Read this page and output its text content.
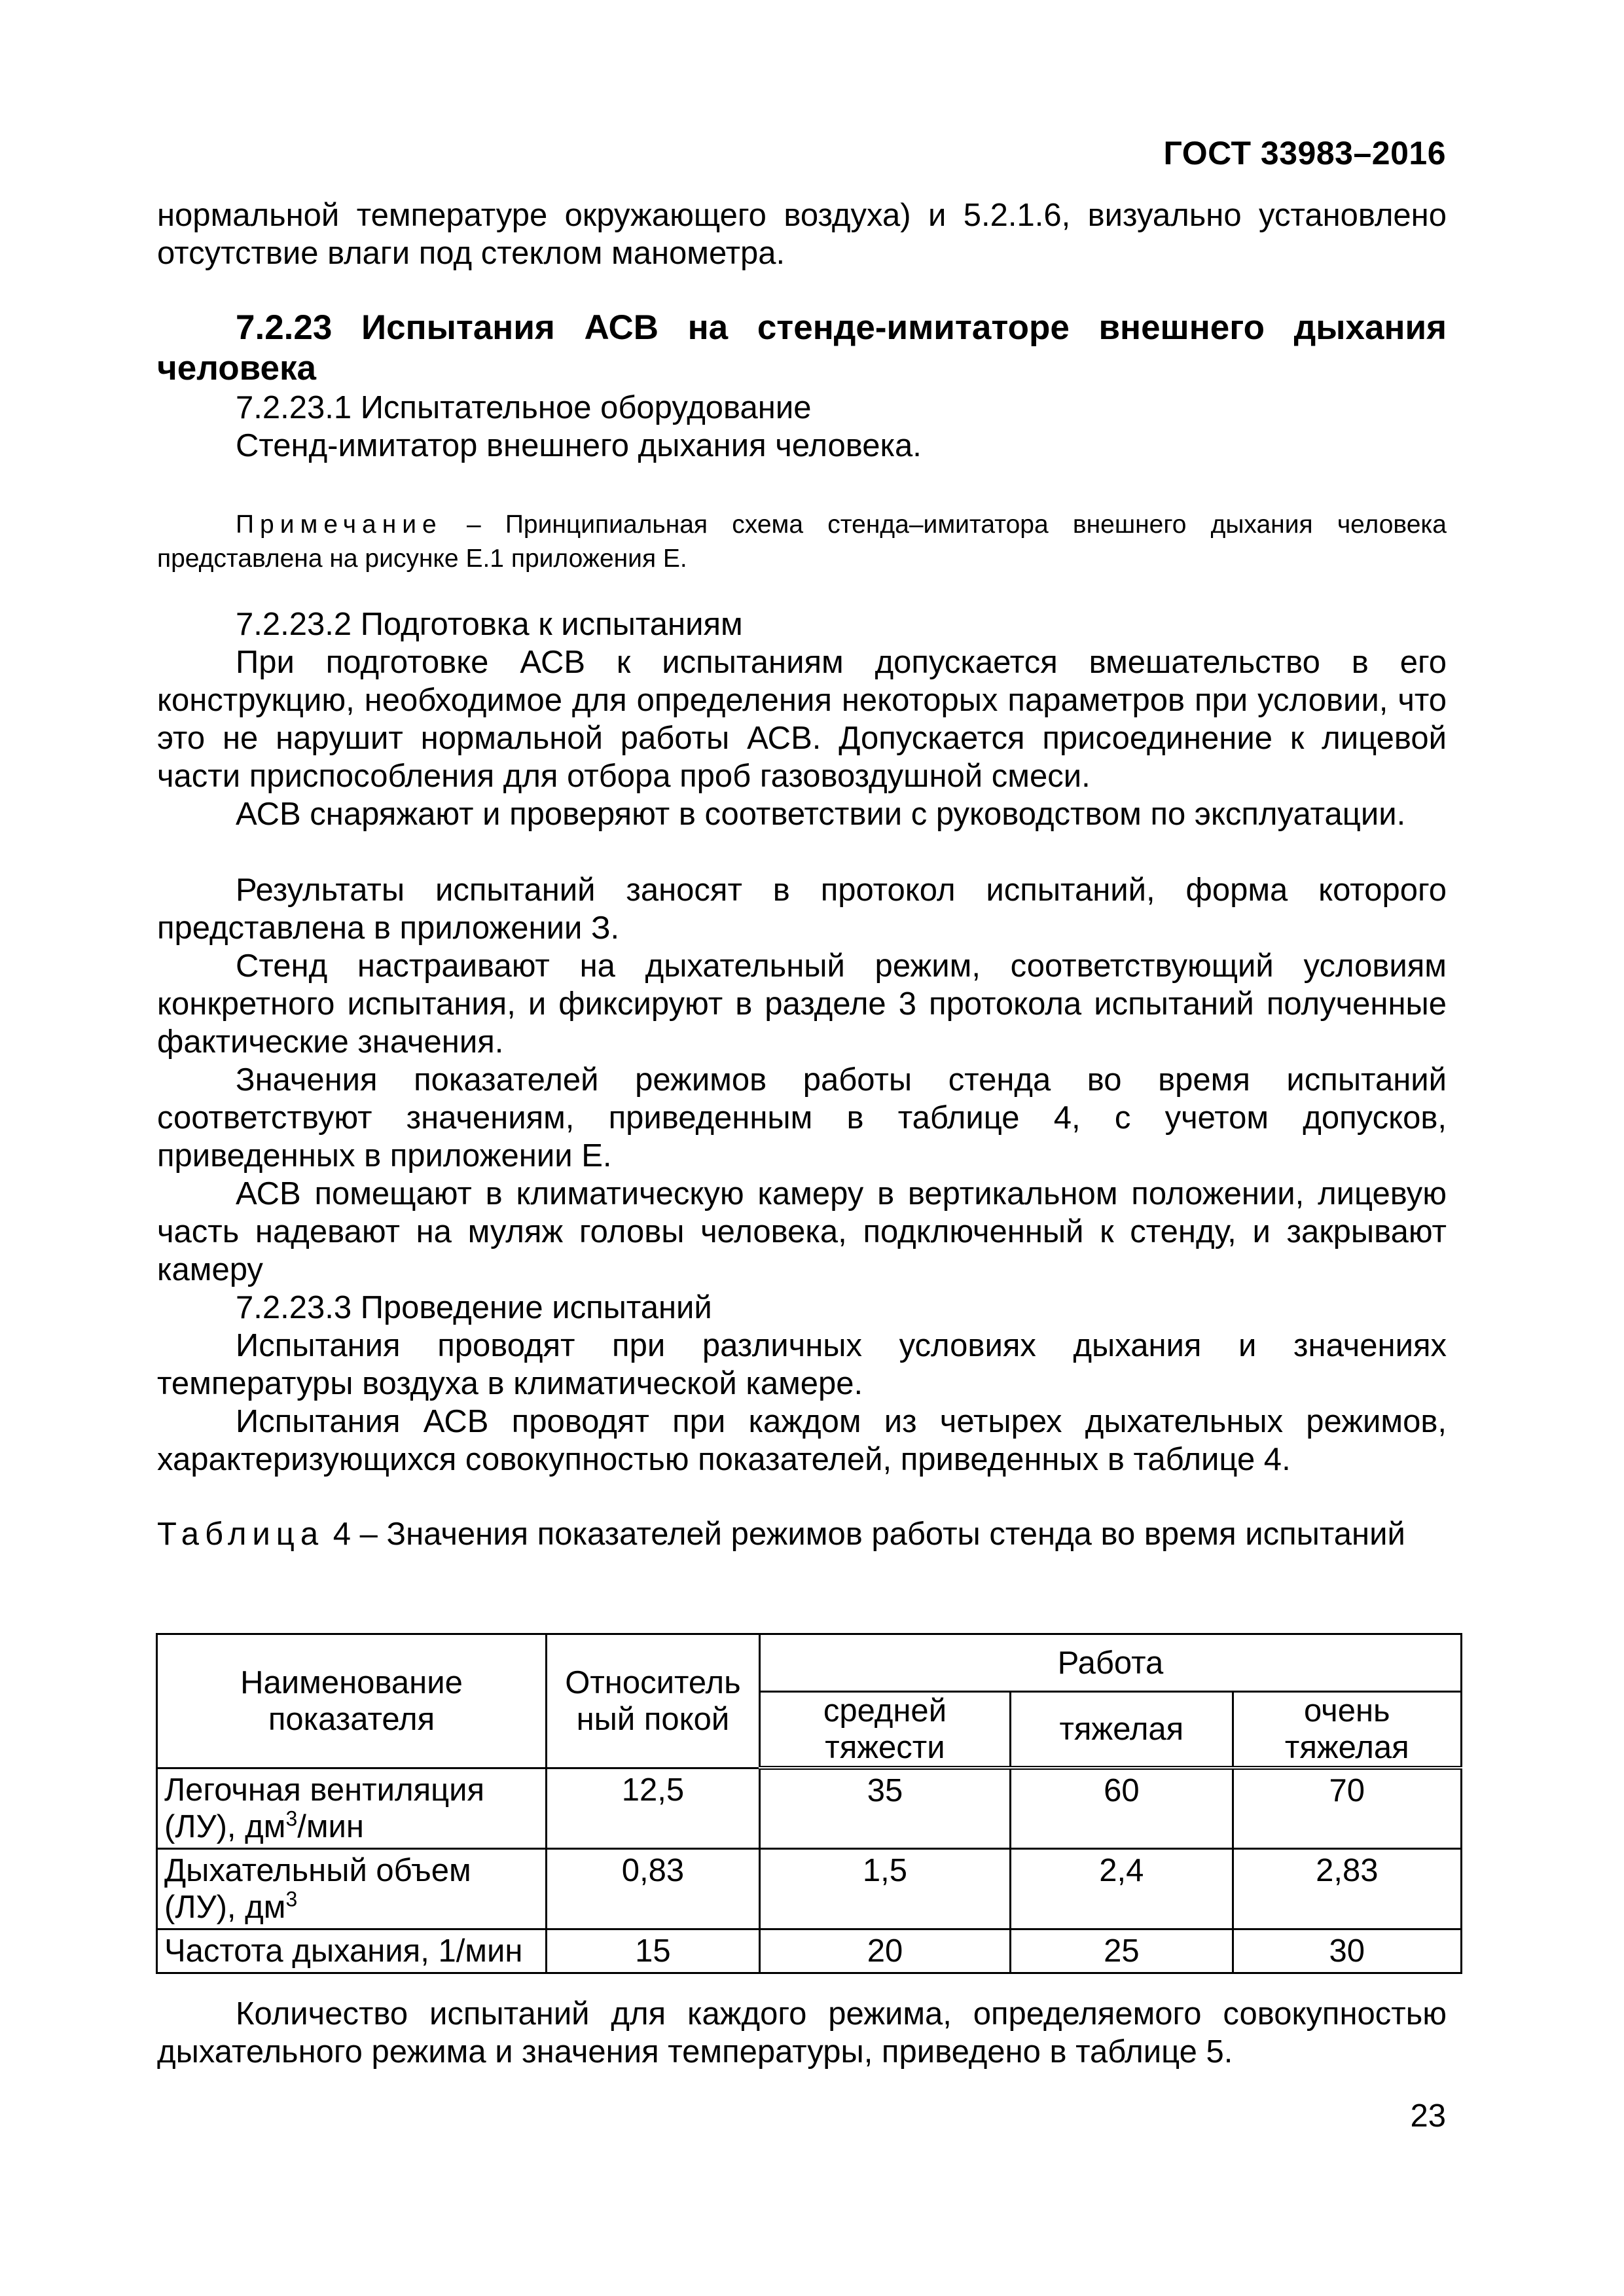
ГОСТ 33983–2016
нормальной температуре окружающего воздуха) и 5.2.1.6, визуально установлено
отсутствие влаги под стеклом манометра.
7.2.23 Испытания АСВ на стенде-имитаторе внешнего дыхания
человека
7.2.23.1 Испытательное оборудование
Стенд-имитатор внешнего дыхания человека.
Примечание – Принципиальная схема стенда–имитатора внешнего дыхания человека
представлена на рисунке Е.1 приложения Е.
7.2.23.2 Подготовка к испытаниям
При подготовке АСВ к испытаниям допускается вмешательство в его конструкцию, необходимое для определения некоторых параметров при условии, что это не нарушит нормальной работы АСВ. Допускается присоединение к лицевой части приспособления для отбора проб газовоздушной смеси.
АСВ снаряжают и проверяют в соответствии с руководством по эксплуатации.
Результаты испытаний заносят в протокол испытаний, форма которого представлена в приложении З.
Стенд настраивают на дыхательный режим, соответствующий условиям конкретного испытания, и фиксируют в разделе 3 протокола испытаний полученные фактические значения.
Значения показателей режимов работы стенда во время испытаний соответствуют значениям, приведенным в таблице 4, с учетом допусков, приведенных в приложении Е.
АСВ помещают в климатическую камеру в вертикальном положении, лицевую часть надевают на муляж головы человека, подключенный к стенду, и закрывают камеру
7.2.23.3 Проведение испытаний
Испытания проводят при различных условиях дыхания и значениях температуры воздуха в климатической камере.
Испытания АСВ проводят при каждом из четырех дыхательных режимов, характеризующихся совокупностью показателей, приведенных в таблице 4.
Таблица 4 – Значения показателей режимов работы стенда во время испытаний
Наименование показателя	Относитель ный покой	Работа		
		средней тяжести	тяжелая	очень тяжелая
Легочная вентиляция (ЛУ), $дм^3$/мин	12,5	35	60	70
Дыхательный объем (ЛУ), $дм^3$	0,83	1,5	2,4	2,83
Частота дыхания, 1/мин	15	20	25	30
Количество испытаний для каждого режима, определяемого совокупностью дыхательного режима и значения температуры, приведено в таблице 5.
23
